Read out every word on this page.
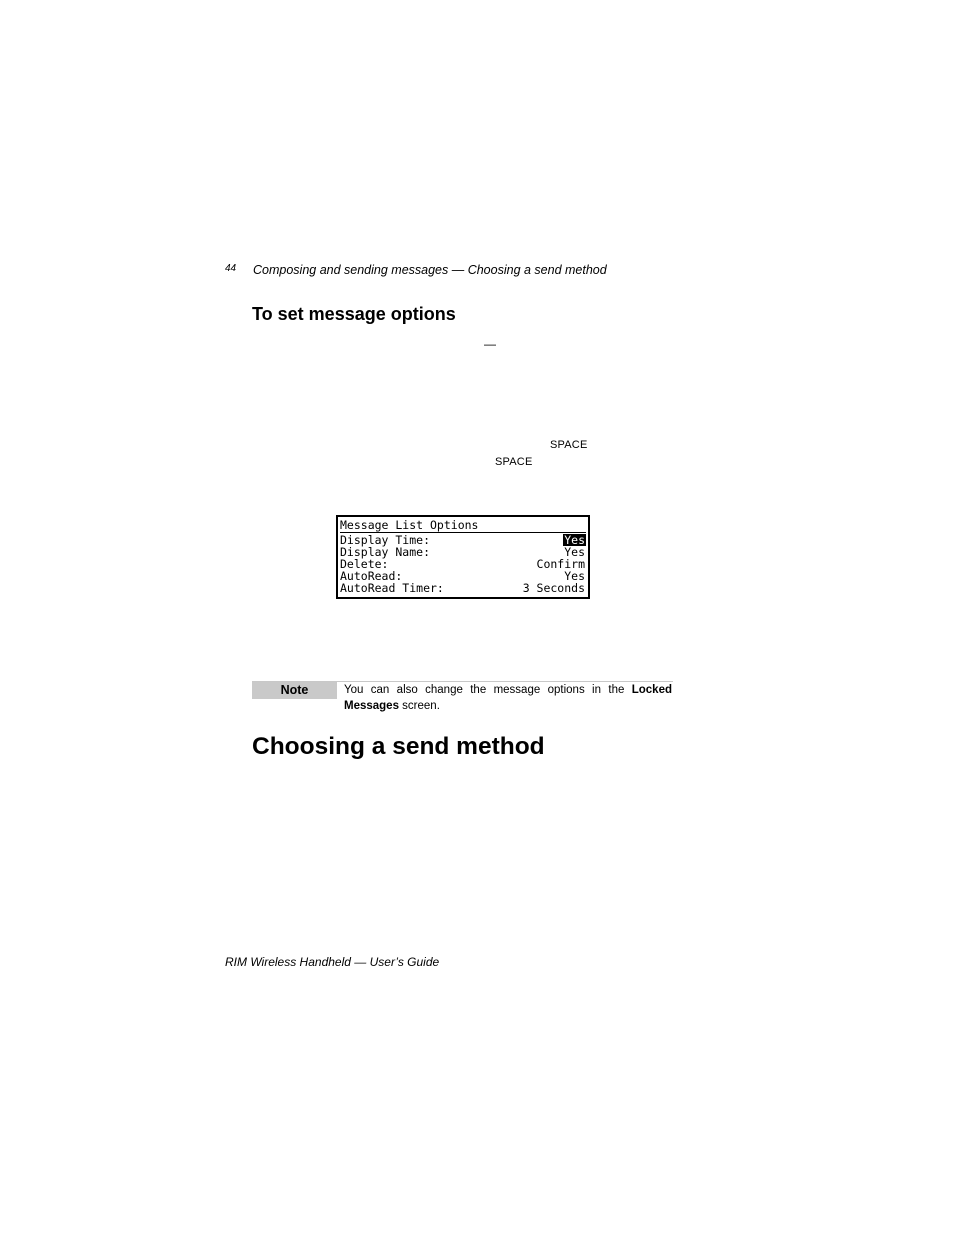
44 Composing and sending messages — Choosing a send method
To set message options
—
SPACE
SPACE
Message List Options
Display Time:	Yes
Display Name:	Yes
Delete:	Confirm
AutoRead:	Yes
AutoRead Timer:	3 Seconds
Note	You can also change the message options in the Locked Messages screen.
Choosing a send method
RIM Wireless Handheld — User’s Guide
